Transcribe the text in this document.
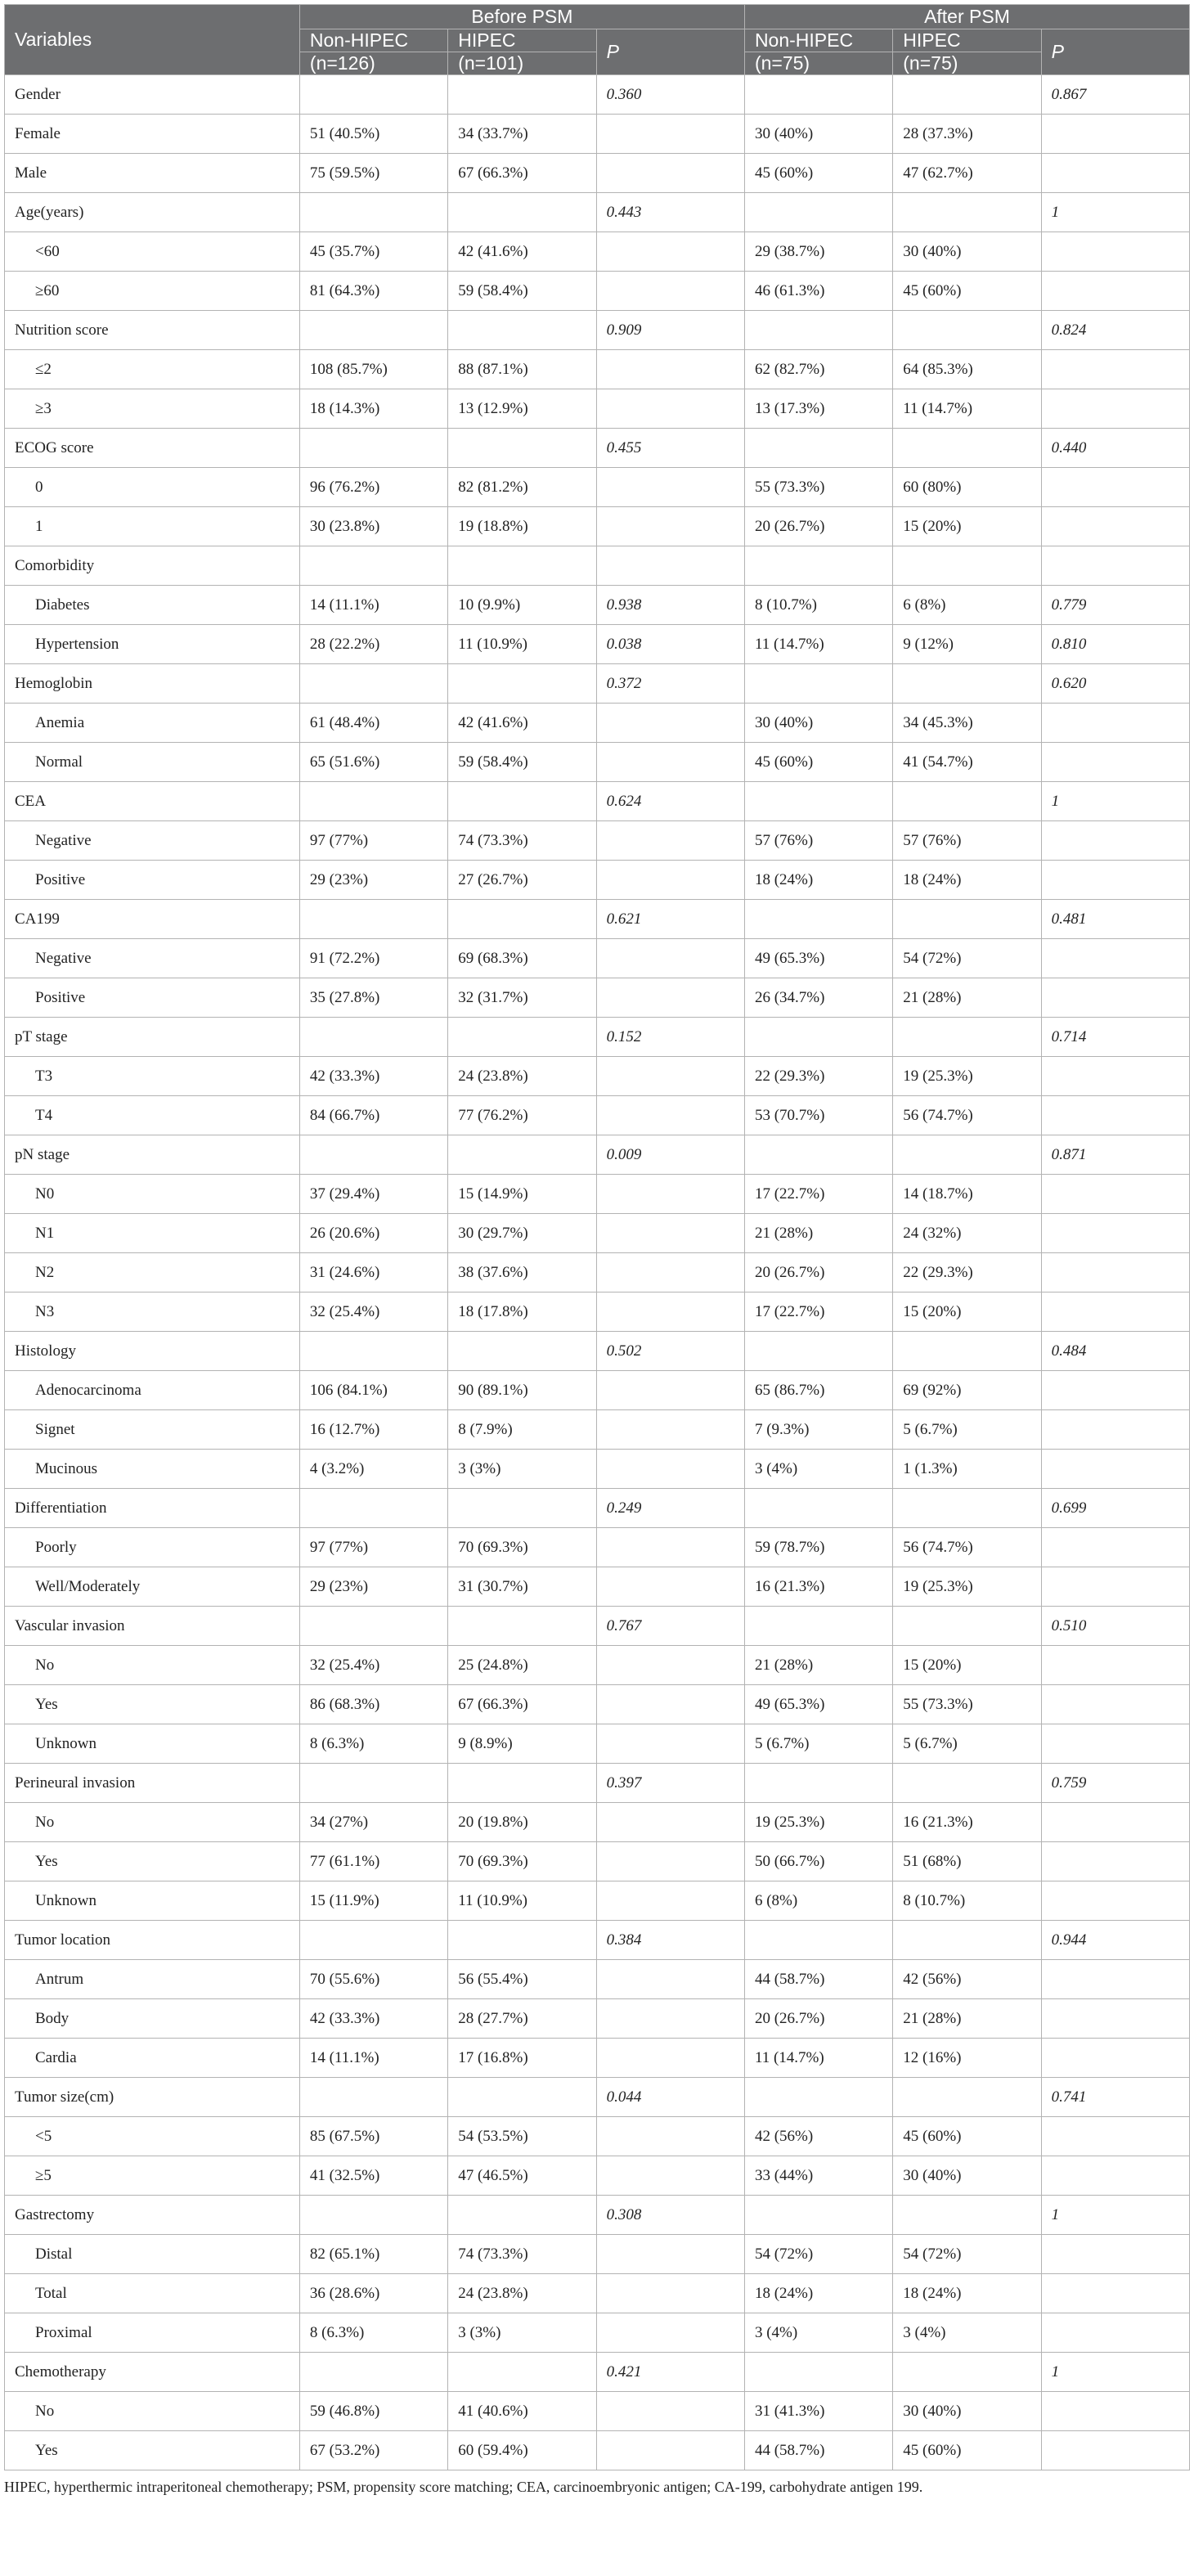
Variables	Before PSM			After PSM		
	Non-HIPEC	HIPEC	P	Non-HIPEC	HIPEC	P
	(n=126)	(n=101)		(n=75)	(n=75)	
Gender			0.360			0.867
Female	51 (40.5%)	34 (33.7%)		30 (40%)	28 (37.3%)	
Male	75 (59.5%)	67 (66.3%)		45 (60%)	47 (62.7%)	
Age(years)			0.443			1
<60	45 (35.7%)	42 (41.6%)		29 (38.7%)	30 (40%)	
≥60	81 (64.3%)	59 (58.4%)		46 (61.3%)	45 (60%)	
Nutrition score			0.909			0.824
≤2	108 (85.7%)	88 (87.1%)		62 (82.7%)	64 (85.3%)	
≥3	18 (14.3%)	13 (12.9%)		13 (17.3%)	11 (14.7%)	
ECOG score			0.455			0.440
0	96 (76.2%)	82 (81.2%)		55 (73.3%)	60 (80%)	
1	30 (23.8%)	19 (18.8%)		20 (26.7%)	15 (20%)	
Comorbidity						
Diabetes	14 (11.1%)	10 (9.9%)	0.938	8 (10.7%)	6 (8%)	0.779
Hypertension	28 (22.2%)	11 (10.9%)	0.038	11 (14.7%)	9 (12%)	0.810
Hemoglobin			0.372			0.620
Anemia	61 (48.4%)	42 (41.6%)		30 (40%)	34 (45.3%)	
Normal	65 (51.6%)	59 (58.4%)		45 (60%)	41 (54.7%)	
CEA			0.624			1
Negative	97 (77%)	74 (73.3%)		57 (76%)	57 (76%)	
Positive	29 (23%)	27 (26.7%)		18 (24%)	18 (24%)	
CA199			0.621			0.481
Negative	91 (72.2%)	69 (68.3%)		49 (65.3%)	54 (72%)	
Positive	35 (27.8%)	32 (31.7%)		26 (34.7%)	21 (28%)	
pT stage			0.152			0.714
T3	42 (33.3%)	24 (23.8%)		22 (29.3%)	19 (25.3%)	
T4	84 (66.7%)	77 (76.2%)		53 (70.7%)	56 (74.7%)	
pN stage			0.009			0.871
N0	37 (29.4%)	15 (14.9%)		17 (22.7%)	14 (18.7%)	
N1	26 (20.6%)	30 (29.7%)		21 (28%)	24 (32%)	
N2	31 (24.6%)	38 (37.6%)		20 (26.7%)	22 (29.3%)	
N3	32 (25.4%)	18 (17.8%)		17 (22.7%)	15 (20%)	
Histology			0.502			0.484
Adenocarcinoma	106 (84.1%)	90 (89.1%)		65 (86.7%)	69 (92%)	
Signet	16 (12.7%)	8 (7.9%)		7 (9.3%)	5 (6.7%)	
Mucinous	4 (3.2%)	3 (3%)		3 (4%)	1 (1.3%)	
Differentiation			0.249			0.699
Poorly	97 (77%)	70 (69.3%)		59 (78.7%)	56 (74.7%)	
Well/Moderately	29 (23%)	31 (30.7%)		16 (21.3%)	19 (25.3%)	
Vascular invasion			0.767			0.510
No	32 (25.4%)	25 (24.8%)		21 (28%)	15 (20%)	
Yes	86 (68.3%)	67 (66.3%)		49 (65.3%)	55 (73.3%)	
Unknown	8 (6.3%)	9 (8.9%)		5 (6.7%)	5 (6.7%)	
Perineural invasion			0.397			0.759
No	34 (27%)	20 (19.8%)		19 (25.3%)	16 (21.3%)	
Yes	77 (61.1%)	70 (69.3%)		50 (66.7%)	51 (68%)	
Unknown	15 (11.9%)	11 (10.9%)		6 (8%)	8 (10.7%)	
Tumor location			0.384			0.944
Antrum	70 (55.6%)	56 (55.4%)		44 (58.7%)	42 (56%)	
Body	42 (33.3%)	28 (27.7%)		20 (26.7%)	21 (28%)	
Cardia	14 (11.1%)	17 (16.8%)		11 (14.7%)	12 (16%)	
Tumor size(cm)			0.044			0.741
<5	85 (67.5%)	54 (53.5%)		42 (56%)	45 (60%)	
≥5	41 (32.5%)	47 (46.5%)		33 (44%)	30 (40%)	
Gastrectomy			0.308			1
Distal	82 (65.1%)	74 (73.3%)		54 (72%)	54 (72%)	
Total	36 (28.6%)	24 (23.8%)		18 (24%)	18 (24%)	
Proximal	8 (6.3%)	3 (3%)		3 (4%)	3 (4%)	
Chemotherapy			0.421			1
No	59 (46.8%)	41 (40.6%)		31 (41.3%)	30 (40%)	
Yes	67 (53.2%)	60 (59.4%)		44 (58.7%)	45 (60%)	
HIPEC, hyperthermic intraperitoneal chemotherapy; PSM, propensity score matching; CEA, carcinoembryonic antigen; CA-199, carbohydrate antigen 199.
